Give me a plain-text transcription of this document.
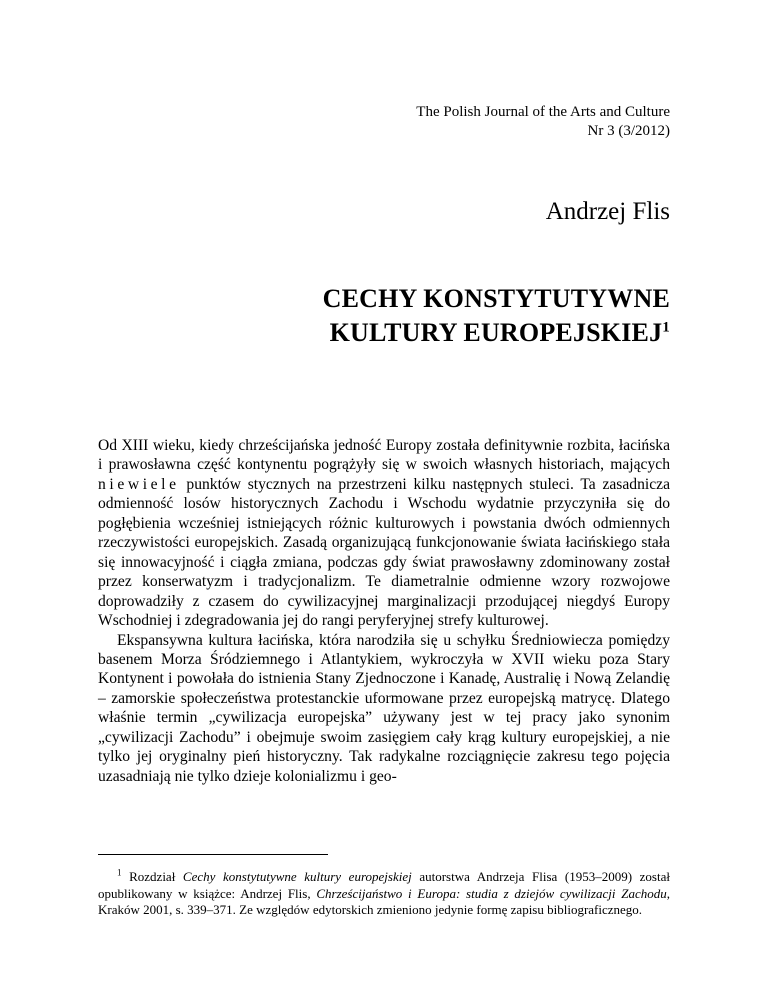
The Polish Journal of the Arts and Culture
Nr 3 (3/2012)
Andrzej Flis
CECHY KONSTYTUTYWNE
KULTURY EUROPEJSKIEJ$^1$

Od XIII wieku, kiedy chrześcijańska jedność Europy została definitywnie rozbita, łacińska i prawosławna część kontynentu pogrążyły się w swoich własnych historiach, mających niewiele punktów stycznych na przestrzeni kilku następnych stuleci. Ta zasadnicza odmienność losów historycznych Zachodu i Wschodu wydatnie przyczyniła się do pogłębienia wcześniej istniejących różnic kulturowych i powstania dwóch odmiennych rzeczywistości europejskich. Zasadą organizującą funkcjonowanie świata łacińskiego stała się innowacyjność i ciągła zmiana, podczas gdy świat prawosławny zdominowany został przez konserwatyzm i tradycjonalizm. Te diametralnie odmienne wzory rozwojowe doprowadziły z czasem do cywilizacyjnej marginalizacji przodującej niegdyś Europy Wschodniej i zdegradowania jej do rangi peryferyjnej strefy kulturowej.

Ekspansywna kultura łacińska, która narodziła się u schyłku Średniowiecza pomiędzy basenem Morza Śródziemnego i Atlantykiem, wykroczyła w XVII wieku poza Stary Kontynent i powołała do istnienia Stany Zjednoczone i Kanadę, Australię i Nową Zelandię – zamorskie społeczeństwa protestanckie uformowane przez europejską matrycę. Dlatego właśnie termin „cywilizacja europejska” używany jest w tej pracy jako synonim „cywilizacji Zachodu” i obejmuje swoim zasięgiem cały krąg kultury europejskiej, a nie tylko jej oryginalny pień historyczny. Tak radykalne rozciągnięcie zakresu tego pojęcia uzasadniają nie tylko dzieje kolonializmu i geo-

$^1$ Rozdział Cechy konstytutywne kultury europejskiej autorstwa Andrzeja Flisa (1953–2009) został opublikowany w książce: Andrzej Flis, Chrześcijaństwo i Europa: studia z dziejów cywilizacji Zachodu, Kraków 2001, s. 339–371. Ze względów edytorskich zmieniono jedynie formę zapisu bibliograficznego.
